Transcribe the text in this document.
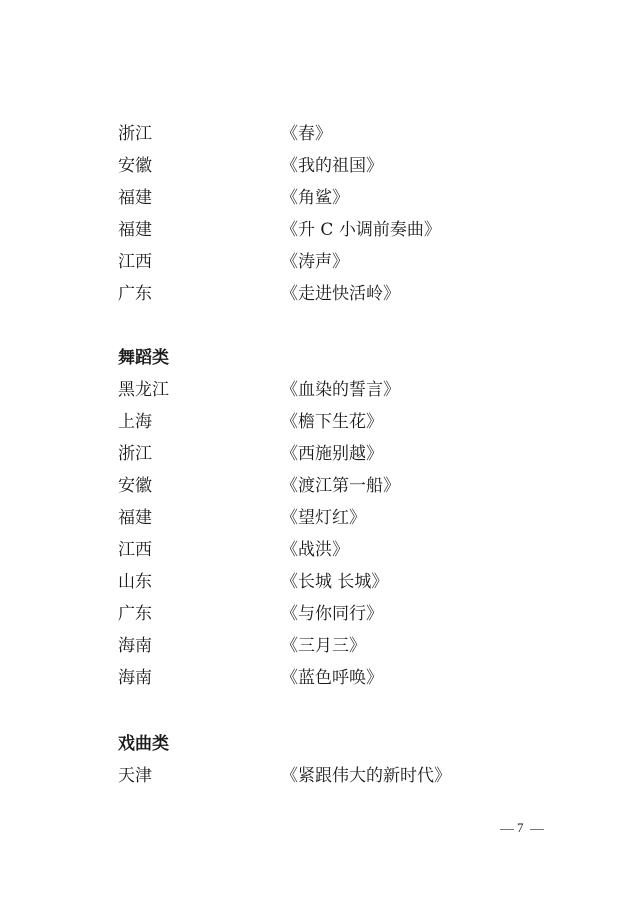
浙江	《春》
安徽	《我的祖国》
福建	《角鲨》
福建	《升 C 小调前奏曲》
江西	《涛声》
广东	《走进快活岭》
舞蹈类
黑龙江	《血染的誓言》
上海	《檐下生花》
浙江	《西施别越》
安徽	《渡江第一船》
福建	《望灯红》
江西	《战洪》
山东	《长城 长城》
广东	《与你同行》
海南	《三月三》
海南	《蓝色呼唤》
戏曲类
天津	《紧跟伟大的新时代》
7
